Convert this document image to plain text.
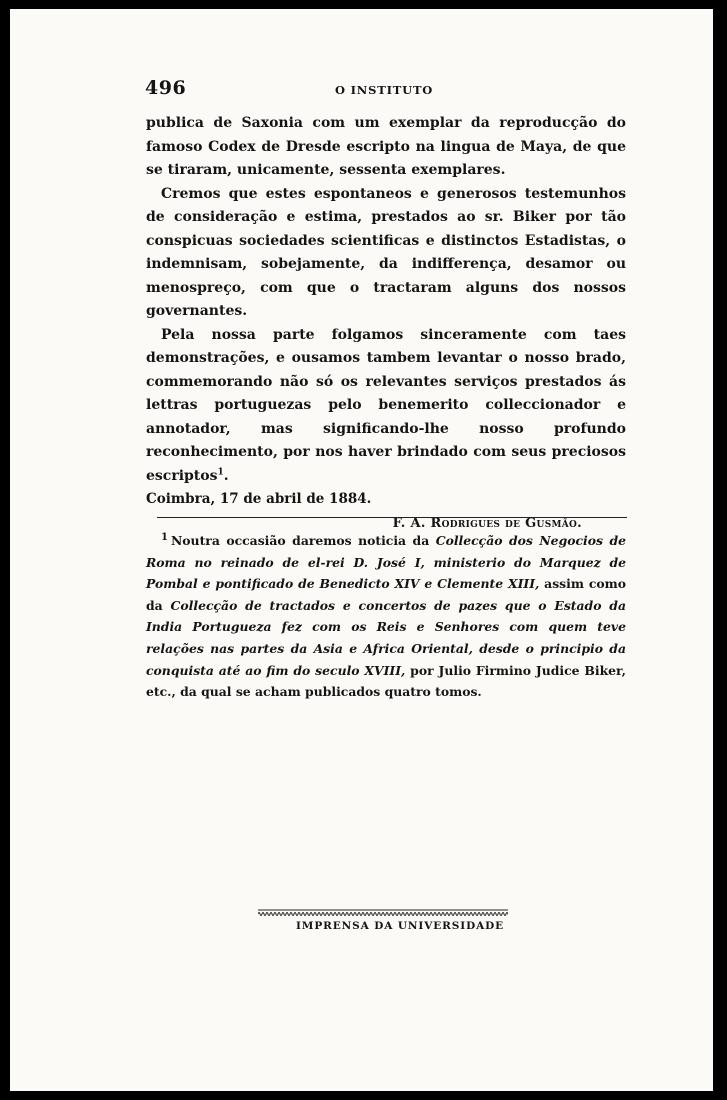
496	O INSTITUTO

publica de Saxonia com um exemplar da reproducção do famoso Codex de Dresde escripto na lingua de Maya, de que se tiraram, unicamente, sessenta exemplares.

Cremos que estes espontaneos e generosos testemunhos de consideração e estima, prestados ao sr. Biker por tão conspicuas sociedades scientificas e distinctos Estadistas, o indemnisam, sobejamente, da indifferença, desamor ou menospreço, com que o tractaram alguns dos nossos governantes.

Pela nossa parte folgamos sinceramente com taes demonstrações, e ousamos tambem levantar o nosso brado, commemorando não só os relevantes serviços prestados ás lettras portuguezas pelo benemerito colleccionador e annotador, mas significando-lhe nosso profundo reconhecimento, por nos haver brindado com seus preciosos escriptos$^1$.

Coimbra, 17 de abril de 1884.

F. A. Rodrigues de Gusmão.

$^1$ Noutra occasião daremos noticia da Collecção dos Negocios de Roma no reinado de el-rei D. José I, ministerio do Marquez de Pombal e pontificado de Benedicto XIV e Clemente XIII, assim como da Collecção de tractados e concertos de pazes que o Estado da India Portugueza fez com os Reis e Senhores com quem teve relações nas partes da Asia e Africa Oriental, desde o principio da conquista até ao fim do seculo XVIII, por Julio Firmino Judice Biker, etc., da qual se acham publicados quatro tomos.

IMPRENSA DA UNIVERSIDADE
